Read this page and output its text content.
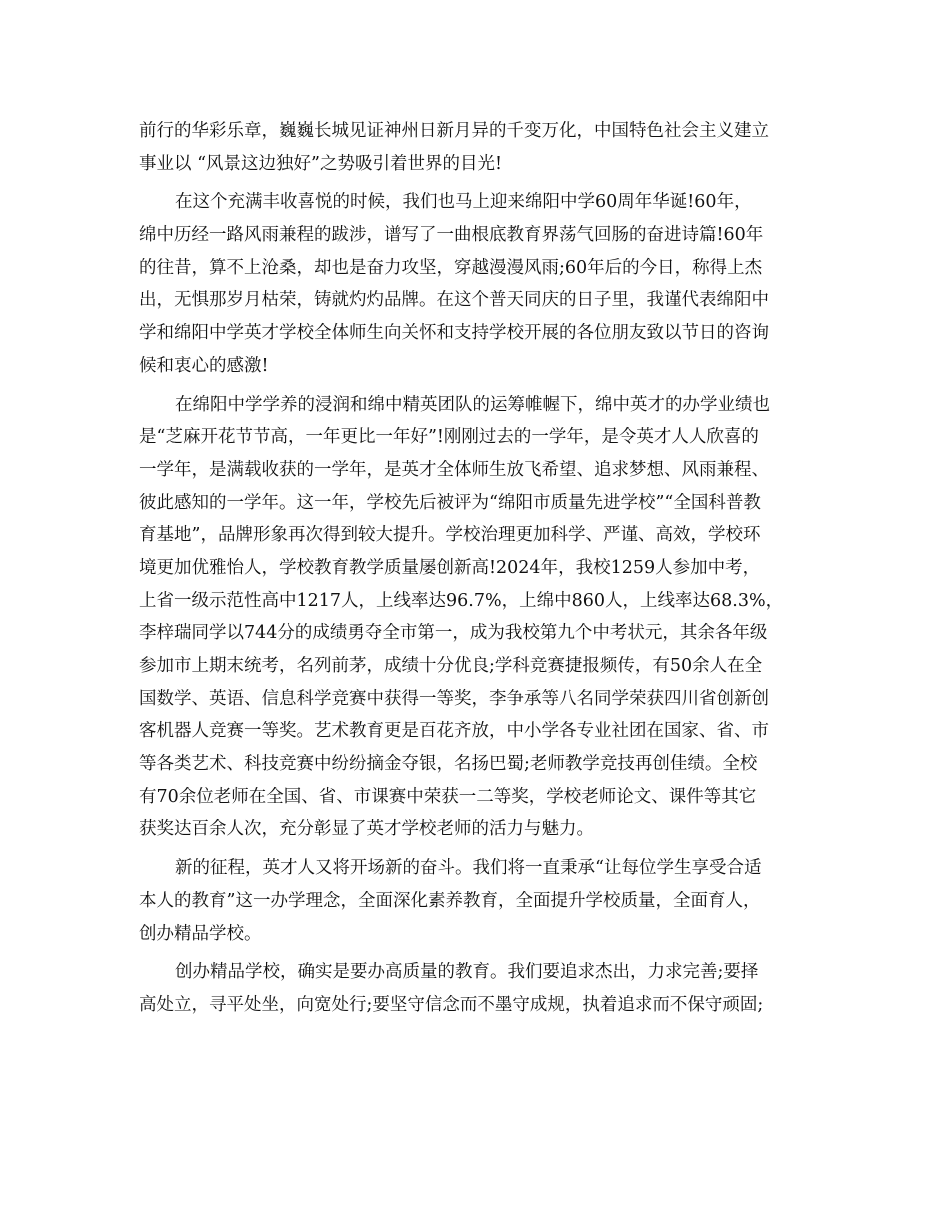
前行的华彩乐章，巍巍长城见证神州日新月异的千变万化，中国特色社会主义建立
事业以 “风景这边独好”之势吸引着世界的目光!
在这个充满丰收喜悦的时候，我们也马上迎来绵阳中学60周年华诞!60年，
绵中历经一路风雨兼程的跋涉，谱写了一曲根底教育界荡气回肠的奋进诗篇!60年
的往昔，算不上沧桑，却也是奋力攻坚，穿越漫漫风雨;60年后的今日，称得上杰
出，无惧那岁月枯荣，铸就灼灼品牌。在这个普天同庆的日子里，我谨代表绵阳中
学和绵阳中学英才学校全体师生向关怀和支持学校开展的各位朋友致以节日的咨询
候和衷心的感激!
在绵阳中学学养的浸润和绵中精英团队的运筹帷幄下，绵中英才的办学业绩也
是“芝麻开花节节高，一年更比一年好”!刚刚过去的一学年，是令英才人人欣喜的
一学年，是满载收获的一学年，是英才全体师生放飞希望、追求梦想、风雨兼程、
彼此感知的一学年。这一年，学校先后被评为“绵阳市质量先进学校”“全国科普教
育基地”，品牌形象再次得到较大提升。学校治理更加科学、严谨、高效，学校环
境更加优雅怡人，学校教育教学质量屡创新高!2024年，我校1259人参加中考，
上省一级示范性高中1217人，上线率达96.7%，上绵中860人，上线率达68.3%，
李梓瑞同学以744分的成绩勇夺全市第一，成为我校第九个中考状元，其余各年级
参加市上期末统考，名列前茅，成绩十分优良;学科竞赛捷报频传，有50余人在全
国数学、英语、信息科学竞赛中获得一等奖，李争承等八名同学荣获四川省创新创
客机器人竞赛一等奖。艺术教育更是百花齐放，中小学各专业社团在国家、省、市
等各类艺术、科技竞赛中纷纷摘金夺银，名扬巴蜀;老师教学竞技再创佳绩。全校
有70余位老师在全国、省、市课赛中荣获一二等奖，学校老师论文、课件等其它
获奖达百余人次，充分彰显了英才学校老师的活力与魅力。
新的征程，英才人又将开场新的奋斗。我们将一直秉承“让每位学生享受合适
本人的教育”这一办学理念，全面深化素养教育，全面提升学校质量，全面育人，
创办精品学校。
创办精品学校，确实是要办高质量的教育。我们要追求杰出，力求完善;要择
高处立，寻平处坐，向宽处行;要坚守信念而不墨守成规，执着追求而不保守顽固;
